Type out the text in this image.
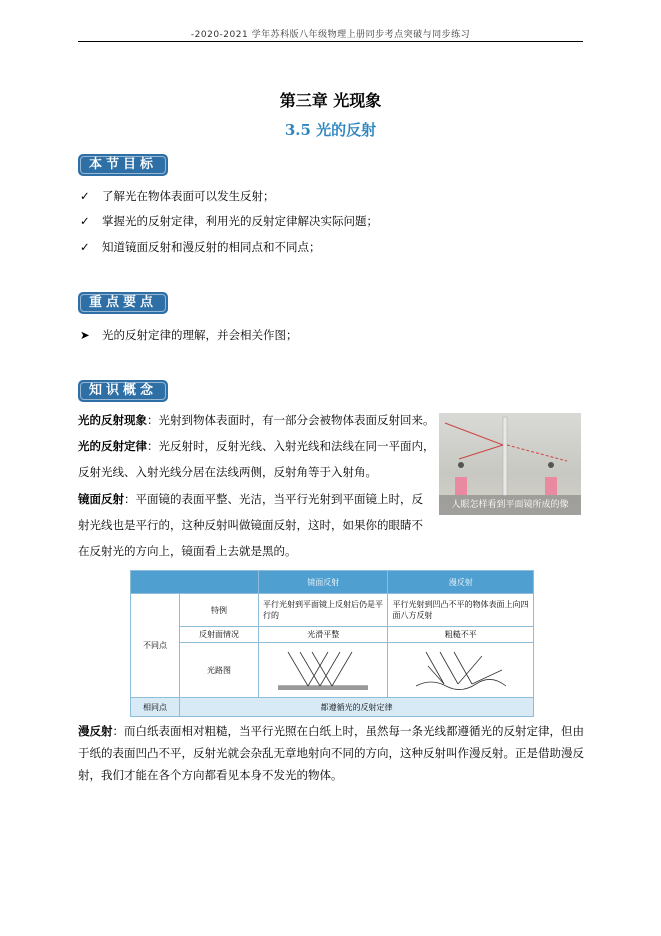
-2020-2021 学年苏科版八年级物理上册同步考点突破与同步练习
第三章 光现象
3.5 光的反射
本节目标
✓ 了解光在物体表面可以发生反射；
✓ 掌握光的反射定律，利用光的反射定律解决实际问题；
✓ 知道镜面反射和漫反射的相同点和不同点；
重点要点
➤ 光的反射定律的理解，并会相关作图；
知识概念
光的反射现象：光射到物体表面时，有一部分会被物体表面反射回来。
光的反射定律：光反射时，反射光线、入射光线和法线在同一平面内，
反射光线、入射光线分居在法线两侧，反射角等于入射角。
镜面反射：平面镜的表面平整、光洁，当平行光射到平面镜上时，反
射光线也是平行的，这种反射叫做镜面反射，这时，如果你的眼睛不
在反射光的方向上，镜面看上去就是黑的。
人眼怎样看到平面镜所成的像
		镜面反射	漫反射
不同点	特例	平行光射到平面镜上反射后仍是平行的	平行光射到凹凸不平的物体表面上向四面八方反射
	反射面情况	光滑平整	粗糙不平
	光路图		
相同点	都遵循光的反射定律		
漫反射：而白纸表面相对粗糙，当平行光照在白纸上时，虽然每一条光线都遵循光的反射定律，但由于纸的表面凹凸不平，反射光就会杂乱无章地射向不同的方向，这种反射叫作漫反射。正是借助漫反射，我们才能在各个方向都看见本身不发光的物体。
